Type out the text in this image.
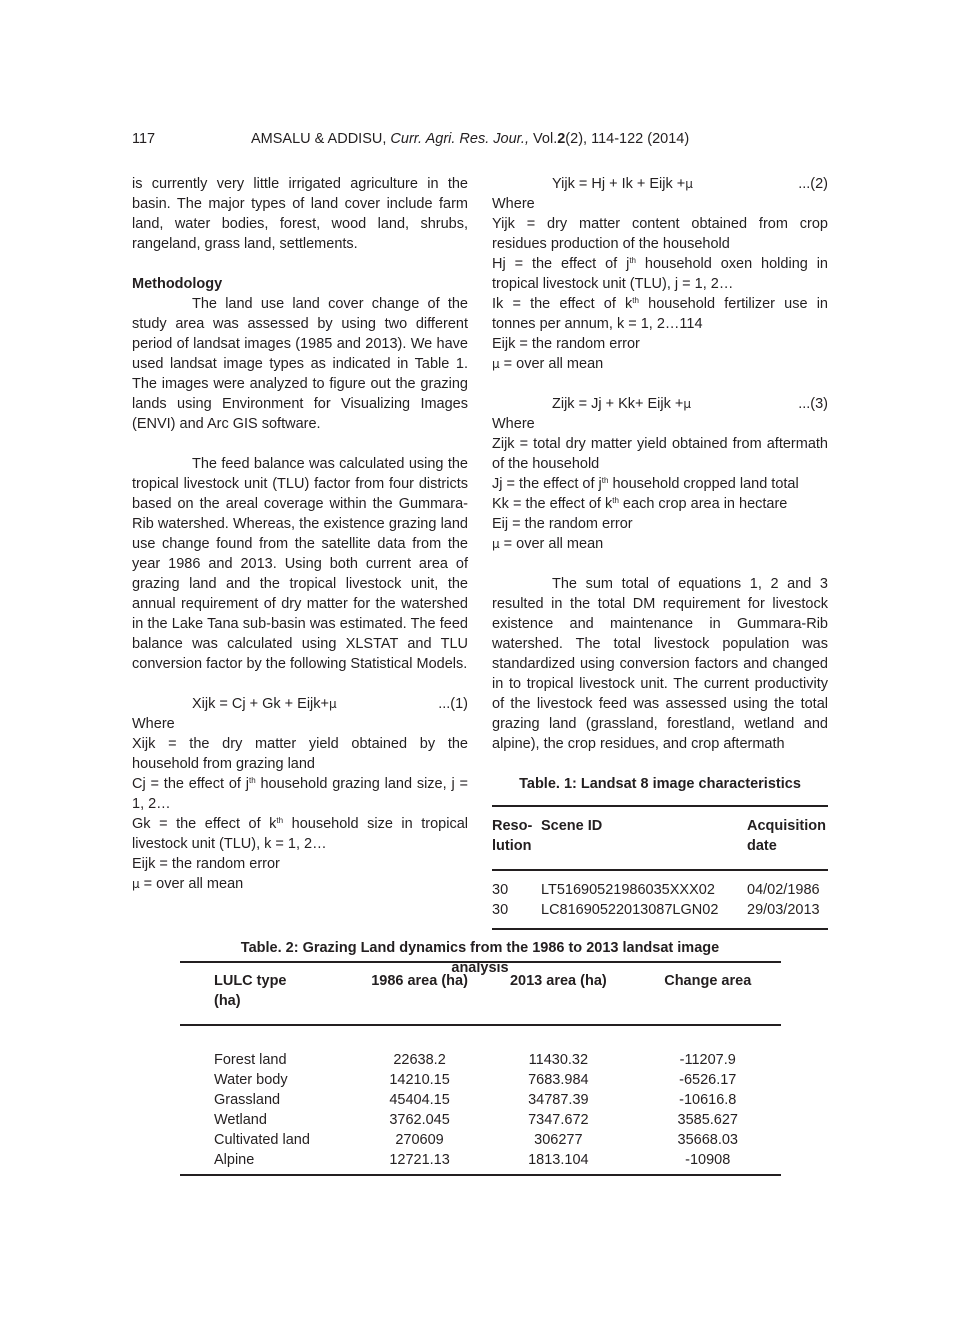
117	AMSALU & ADDISU, Curr. Agri. Res. Jour., Vol.2(2), 114-122 (2014)

is currently very little irrigated agriculture in the basin. The major types of land cover include farm land, water bodies, forest, wood land, shrubs, rangeland, grass land, settlements.

Methodology

The land use land cover change of the study area was assessed by using two different period of landsat images (1985 and 2013). We have used landsat image types as indicated in Table 1. The images were analyzed to figure out the grazing lands using Environment for Visualizing Images (ENVI) and Arc GIS software.

The feed balance was calculated using the tropical livestock unit (TLU) factor from four districts based on the areal coverage within the Gummara-Rib watershed. Whereas, the existence grazing land use change found from the satellite data from the year 1986 and 2013. Using both current area of grazing land and the tropical livestock unit, the annual requirement of dry matter for the watershed in the Lake Tana sub-basin was estimated. The feed balance was calculated using XLSTAT and TLU conversion factor by the following Statistical Models.

Xijk = Cj + Gk + Eijk+μ	...(1)

Where

Xijk = the dry matter yield obtained by the household from grazing land

Cj = the effect of $j^{th}$ household grazing land size, j = 1, 2…

Gk = the effect of $k^{th}$ household size in tropical livestock unit (TLU), k = 1, 2…

Eijk = the random error

μ = over all mean

Yijk = Hj + Ik + Eijk +μ	...(2)

Where

Yijk = dry matter content obtained from crop residues production of the household

Hj = the effect of $j^{th}$ household oxen holding in tropical livestock unit (TLU), j = 1, 2…

Ik = the effect of $k^{th}$ household fertilizer use in tonnes per annum, k = 1, 2…114

Eijk = the random error

μ = over all mean

Zijk = Jj + Kk+ Eijk +μ	...(3)

Where

Zijk = total dry matter yield obtained from aftermath of the household

Jj = the effect of $j^{th}$ household cropped land total

Kk = the effect of $k^{th}$ each crop area in hectare

Eij = the random error

μ = over all mean

The sum total of equations 1, 2 and 3 resulted in the total DM requirement for livestock existence and maintenance in Gummara-Rib watershed. The total livestock population was standardized using conversion factors and changed in to tropical livestock unit. The current productivity of the livestock feed was assessed using the total grazing land (grassland, forestland, wetland and alpine), the crop residues, and crop aftermath

Table. 1: Landsat 8 image characteristics
Reso-
lution	Scene ID	Acquisition
date
30	LT51690521986035XXX02	04/02/1986
30	LC81690522013087LGN02	29/03/2013
Table. 2: Grazing Land dynamics from the 1986 to 2013 landsat image
analysis
LULC type
(ha)	1986 area (ha)	2013 area (ha)	Change area
Forest land	22638.2	11430.32	-11207.9
Water body	14210.15	7683.984	-6526.17
Grassland	45404.15	34787.39	-10616.8
Wetland	3762.045	7347.672	3585.627
Cultivated land	270609	306277	35668.03
Alpine	12721.13	1813.104	-10908
